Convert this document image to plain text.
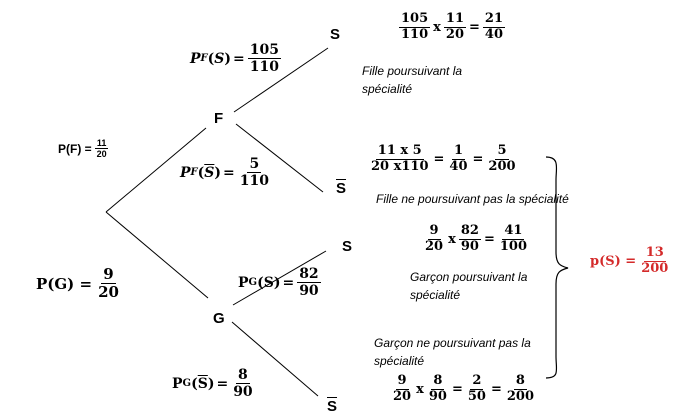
F
G
S
$\overline{S}$
S
$\overline{S}$
$P(F) = \frac{11}{20}$
$P(G) = \frac{9}{20}$
P F ( S ) = $\frac{105}{110}$
P F ( $\overline{S}$ ) = $\frac{5}{110}$
P G ( S ) = $\frac{82}{90}$
P G ( $\overline{S}$ ) = $\frac{8}{90}$
$\frac{105}{110}$ x $\frac{11}{20} = \frac{21}{40}$
Fille poursuivant la
spécialité
$\frac{11 x 5}{20 x110} = \frac{1}{40} = \frac{5}{200}$
Fille ne poursuivant pas la spécialité
$\frac{9}{20}$ x $\frac{82}{90} = \frac{41}{100}$
Garçon poursuivant la
spécialité
Garçon ne poursuivant pas la
spécialité
$\frac{9}{20}$ x $\frac{8}{90} = \frac{2}{50} = \frac{8}{200}$
$p(S) = \frac{13}{200}$
